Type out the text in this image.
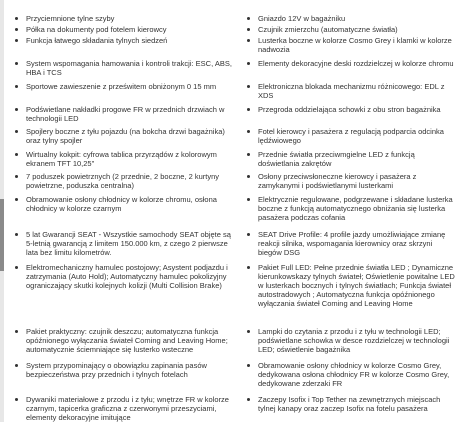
Przyciemnione tylne szyby

Półka na dokumenty pod fotelem kierowcy

Funkcja łatwego składania tylnych siedzeń

System wspomagania hamowania i kontroli trakcji: ESC, ABS, HBA i TCS

Sportowe zawieszenie z prześwitem obniżonym 0 15 mm

Podświetlane nakładki progowe FR w przednich drzwiach w technologii LED

Spojlery boczne z tyłu pojazdu (na bokcha drzwi bagażnika) oraz tylny spojler

Wirtualny kokpit: cyfrowa tablica przyrządów z kolorowym ekranem TFT 10,25"

7 poduszek powietrznych (2 przednie, 2 boczne, 2 kurtyny powietrzne, poduszka centralna)

Obramowanie osłony chłodnicy w kolorze chromu, osłona chłodnicy w kolorze czarnym

5 lat Gwarancji SEAT - Wszystkie samochody SEAT objęte są 5-letnią gwarancją z limitem 150.000 km, z czego 2 pierwsze lata bez limitu kilometrów.

Elektromechaniczny hamulec postojowy; Asystent podjazdu i zatrzymania (Auto Hold); Automatyczny hamulec pokolizyjny ograniczający skutki kolejnych kolizji (Multi Collision Brake)

Pakiet praktyczny: czujnik deszczu; automatyczna funkcja opóźnionego wyłączania świateł Coming and Leaving Home; automatycznie ściemniające się lusterko wsteczne

System przypominający o obowiązku zapinania pasów bezpieczeństwa przy przednich i tylnych fotelach

Dywaniki materiałowe z przodu i z tyłu; wnętrze FR w kolorze czarnym, tapicerka graficzna z czerwonymi przeszyciami, elementy dekoracyjne imitujące

Gniazdo 12V w bagażniku

Czujnik zmierzchu (automatyczne światła)

Lusterka boczne w kolorze Cosmo Grey i klamki w kolorze nadwozia

Elementy dekoracyjne deski rozdzielczej w kolorze chromu

Elektroniczna blokada mechanizmu różnicowego: EDL z XDS

Przegroda oddzielająca schowki z obu stron bagażnika

Fotel kierowcy i pasażera z regulacją podparcia odcinka lędźwiowego

Przednie światła przeciwmgielne LED z funkcją doświetlania zakrętów

Osłony przeciwsłoneczne kierowcy i pasażera z zamykanymi i podświetlanymi lusterkami

Elektrycznie regulowane, podgrzewane i składane lusterka boczne z funkcją automatycznego obniżania się lusterka pasażera podczas cofania

SEAT Drive Profile: 4 profile jazdy umożliwiające zmianę reakcji silnika, wspomagania kierownicy oraz skrzyni biegów DSG

Pakiet Full LED: Pełne przednie światła LED ; Dynamiczne kierunkowskazy tylnych świateł; Oświetlenie powitalne LED w lusterkach bocznych i tylnych światłach; Funkcja świateł autostradowych ; Automatyczna funkcja opóźnionego wyłączania świateł Coming and Leaving Home

Lampki do czytania z przodu i z tyłu w technologii LED; podświetlane schowka w desce rozdzielczej w technologii LED; oświetlenie bagażnika

Obramowanie osłony chłodnicy w kolorze Cosmo Grey, dedykowana osłona chłodnicy FR w kolorze Cosmo Grey, dedykowane zderzaki FR

Zaczepy Isofix i Top Tether na zewnętrznych miejscach tylnej kanapy oraz zaczep Isofix na fotelu pasażera
